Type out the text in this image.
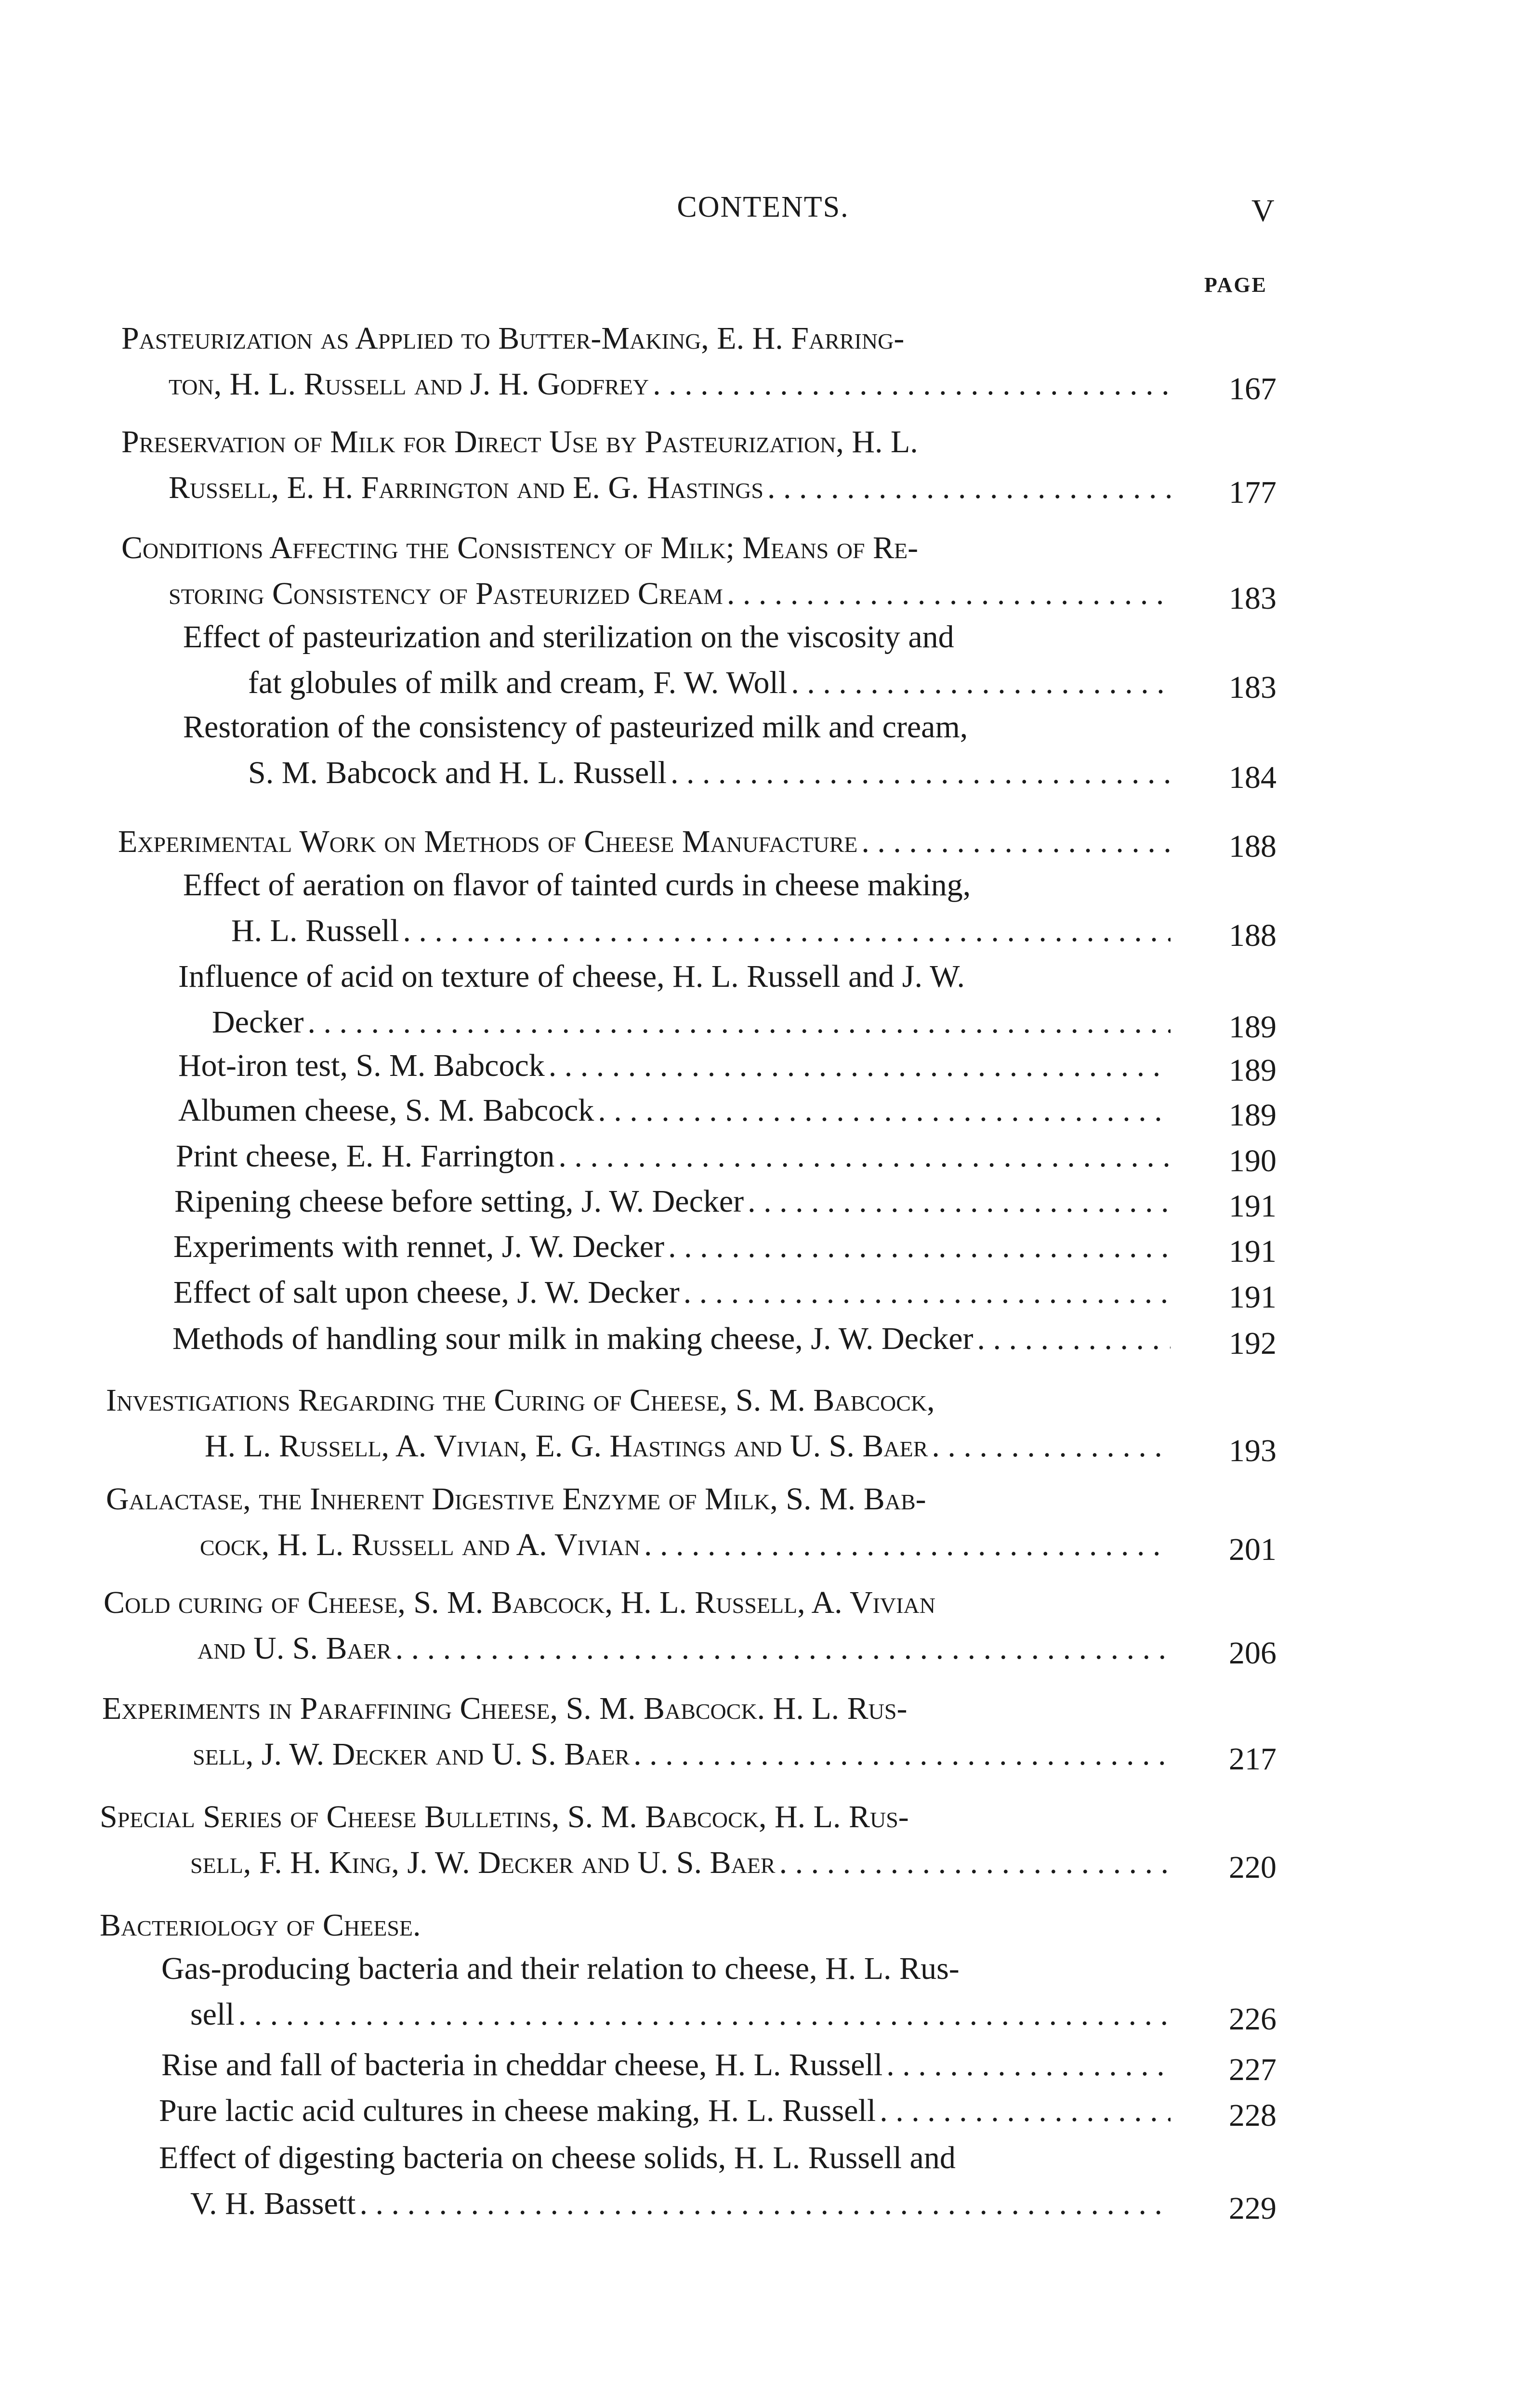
CONTENTS.	V
PAGE
Pasteurization as Applied to Butter-Making, E. H. Farring-
ton, H. L. Russell and J. H. Godfrey . . .	167
Preservation of Milk for Direct Use by Pasteurization, H. L.
Russell, E. H. Farrington and E. G. Hastings . . .	177
Conditions Affecting the Consistency of Milk; Means of Re-
storing Consistency of Pasteurized Cream . . .	183
Effect of pasteurization and sterilization on the viscosity and
fat globules of milk and cream, F. W. Woll . . .	183
Restoration of the consistency of pasteurized milk and cream,
S. M. Babcock and H. L. Russell . . .	184
Experimental Work on Methods of Cheese Manufacture . . .	188
Effect of aeration on flavor of tainted curds in cheese making,
H. L. Russell . . .	188
Influence of acid on texture of cheese, H. L. Russell and J. W.
Decker . . .	189
Hot-iron test, S. M. Babcock . . .	189
Albumen cheese, S. M. Babcock . . .	189
Print cheese, E. H. Farrington . . .	190
Ripening cheese before setting, J. W. Decker . . .	191
Experiments with rennet, J. W. Decker . . .	191
Effect of salt upon cheese, J. W. Decker . . .	191
Methods of handling sour milk in making cheese, J. W. Decker . . .	192
Investigations Regarding the Curing of Cheese, S. M. Babcock,
H. L. Russell, A. Vivian, E. G. Hastings and U. S. Baer . . .	193
Galactase, the Inherent Digestive Enzyme of Milk, S. M. Bab-
cock, H. L. Russell and A. Vivian . . .	201
Cold curing of Cheese, S. M. Babcock, H. L. Russell, A. Vivian
and U. S. Baer . . .	206
Experiments in Paraffining Cheese, S. M. Babcock. H. L. Rus-
sell, J. W. Decker and U. S. Baer . . .	217
Special Series of Cheese Bulletins, S. M. Babcock, H. L. Rus-
sell, F. H. King, J. W. Decker and U. S. Baer . . .	220
Bacteriology of Cheese.
Gas-producing bacteria and their relation to cheese, H. L. Rus-
sell . . .	226
Rise and fall of bacteria in cheddar cheese, H. L. Russell . . .	227
Pure lactic acid cultures in cheese making, H. L. Russell . . .	228
Effect of digesting bacteria on cheese solids, H. L. Russell and
V. H. Bassett . . .	229
